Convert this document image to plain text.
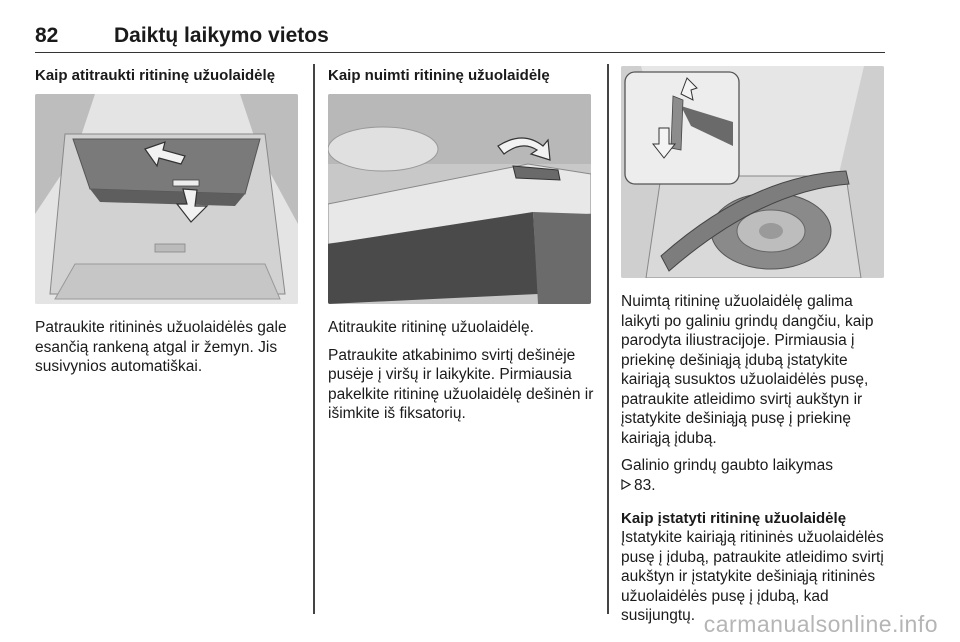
82	Daiktų laikymo vietos
Kaip atitraukti ritininę užuolaidėlę

Patraukite ritininės užuolaidėlės gale esančią rankeną atgal ir žemyn. Jis susivynios automatiškai.

Kaip nuimti ritininę užuolaidėlę

Atitraukite ritininę užuolaidėlę.

Patraukite atkabinimo svirtį dešinėje pusėje į viršų ir laikykite. Pirmiausia pakelkite ritininę užuolaidėlę dešinėn ir išimkite iš fiksatorių.

Nuimtą ritininę užuolaidėlę galima laikyti po galiniu grindų dangčiu, kaip parodyta iliustracijoje. Pirmiausia į priekinę dešiniąją įdubą įstatykite kairiąją susuktos užuolaidėlės pusę, patraukite atleidimo svirtį aukštyn ir įstatykite dešiniąją pusę į priekinę kairiąją įdubą.

Galinio grindų gaubto laikymas
83.

Kaip įstatyti ritininę užuolaidėlę

Įstatykite kairiąją ritininės užuolaidėlės pusę į įdubą, patraukite atleidimo svirtį aukštyn ir įstatykite dešiniąją ritininės užuolaidėlės pusę į įdubą, kad susijungtų. carmanualsonline.info
